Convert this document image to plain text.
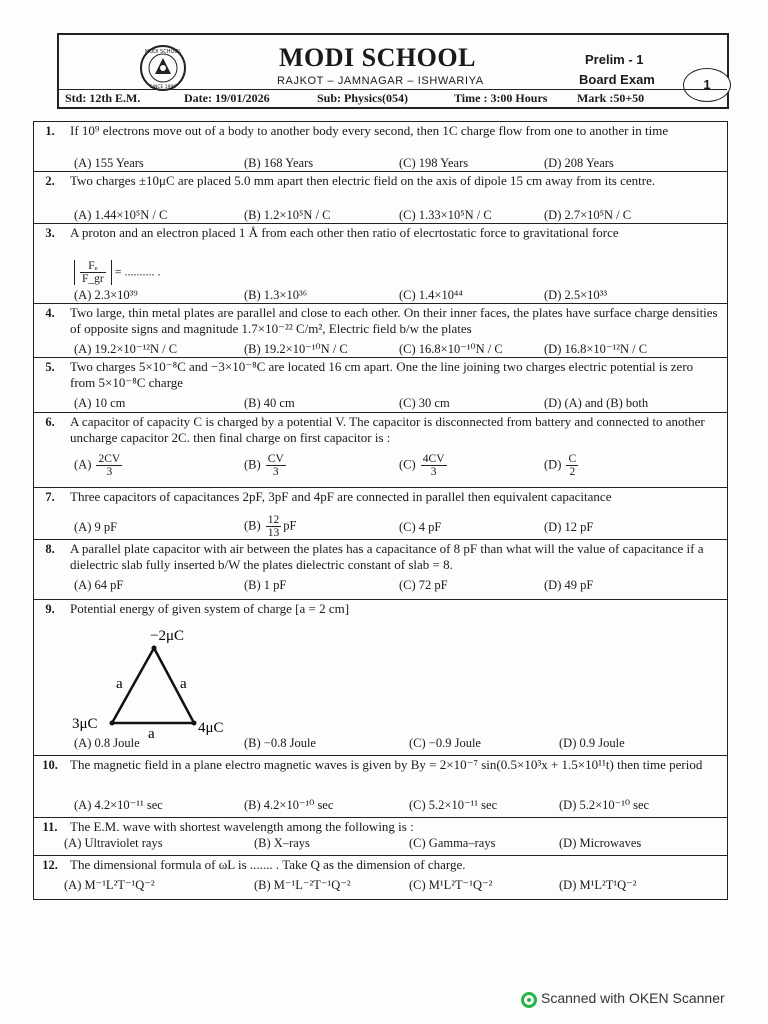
MODI SCHOOL
SINCE 1999
MODI SCHOOL
RAJKOT – JAMNAGAR – ISHWARIYA
Prelim - 1
Board Exam	1
Std: 12th E.M.	Date: 19/01/2026	Sub: Physics(054)	Time : 3:00 Hours Mark :50+50
1.	If 10⁹ electrons move out of a body to another body every second, then 1C charge flow from one to another in time
(A) 155 Years	(B) 168 Years	(C) 198 Years	(D) 208 Years
2.	Two charges ±10μC are placed 5.0 mm apart then electric field on the axis of dipole 15 cm away from its centre.
(A) 1.44×10⁵N / C	(B) 1.2×10⁵N / C	(C) 1.33×10⁵N / C	(D) 2.7×10⁵N / C
3.	A proton and an electron placed 1 Å from each other then ratio of elecrtostatic force to gravitational force
$\frac{\text{Fₑ}}{F\_gr}$ = .......... .
(A) 2.3×10³⁹	(B) 1.3×10³⁶	(C) 1.4×10⁴⁴	(D) 2.5×10³³
4.	Two large, thin metal plates are parallel and close to each other. On their inner faces, the plates have surface charge densities of opposite signs and magnitude 1.7×10⁻²² C/m², Electric field b/w the plates
(A) 19.2×10⁻¹²N / C	(B) 19.2×10⁻¹⁰N / C	(C) 16.8×10⁻¹⁰N / C	(D) 16.8×10⁻¹²N / C
5.	Two charges 5×10⁻⁸C and −3×10⁻⁸C are located 16 cm apart. One the line joining two charges electric potential is zero from 5×10⁻⁸C charge
(A) 10 cm	(B) 40 cm	(C) 30 cm	(D) (A) and (B) both
6.	A capacitor of capacity C is charged by a potential V. The capacitor is disconnected from battery and connected to another uncharge capacitor 2C. then final charge on first capacitor is :
$(A) \frac{2CV}{3}$	$(B) \frac{CV}{3}$	$(C) \frac{4CV}{3}$	$(D) \frac{C}{2}$
7.	Three capacitors of capacitances 2pF, 3pF and 4pF are connected in parallel then equivalent capacitance
(A) 9 pF	$(B) \frac{12}{13}$ pF	(C) 4 pF	(D) 12 pF
8.	A parallel plate capacitor with air between the plates has a capacitance of 8 pF than what will the value of capacitance if a dielectric slab fully inserted b/W the plates dielectric constant of slab = 8.
(A) 64 pF	(B) 1 pF	(C) 72 pF	(D) 49 pF
9.	Potential energy of given system of charge [a = 2 cm]
−2μC
3μC	4μC
a	a
a
(A) 0.8 Joule	(B) −0.8 Joule	(C) −0.9 Joule	(D) 0.9 Joule
10. The magnetic field in a plane electro magnetic waves is given by By = 2×10⁻⁷ sin(0.5×10³x + 1.5×10¹¹t) then time period
(A) 4.2×10⁻¹¹ sec	(B) 4.2×10⁻¹⁰ sec	(C) 5.2×10⁻¹¹ sec	(D) 5.2×10⁻¹⁰ sec
11. The E.M. wave with shortest wavelength among the following is :
(A) Ultraviolet rays	(B) X–rays	(C) Gamma–rays	(D) Microwaves
12. The dimensional formula of ωL is ....... . Take Q as the dimension of charge.
(A) M⁻¹L²T⁻¹Q⁻²	(B) M⁻¹L⁻²T⁻¹Q⁻²	(C) M¹L²T⁻¹Q⁻²	(D) M¹L²T¹Q⁻²
Scanned with OKEN Scanner
